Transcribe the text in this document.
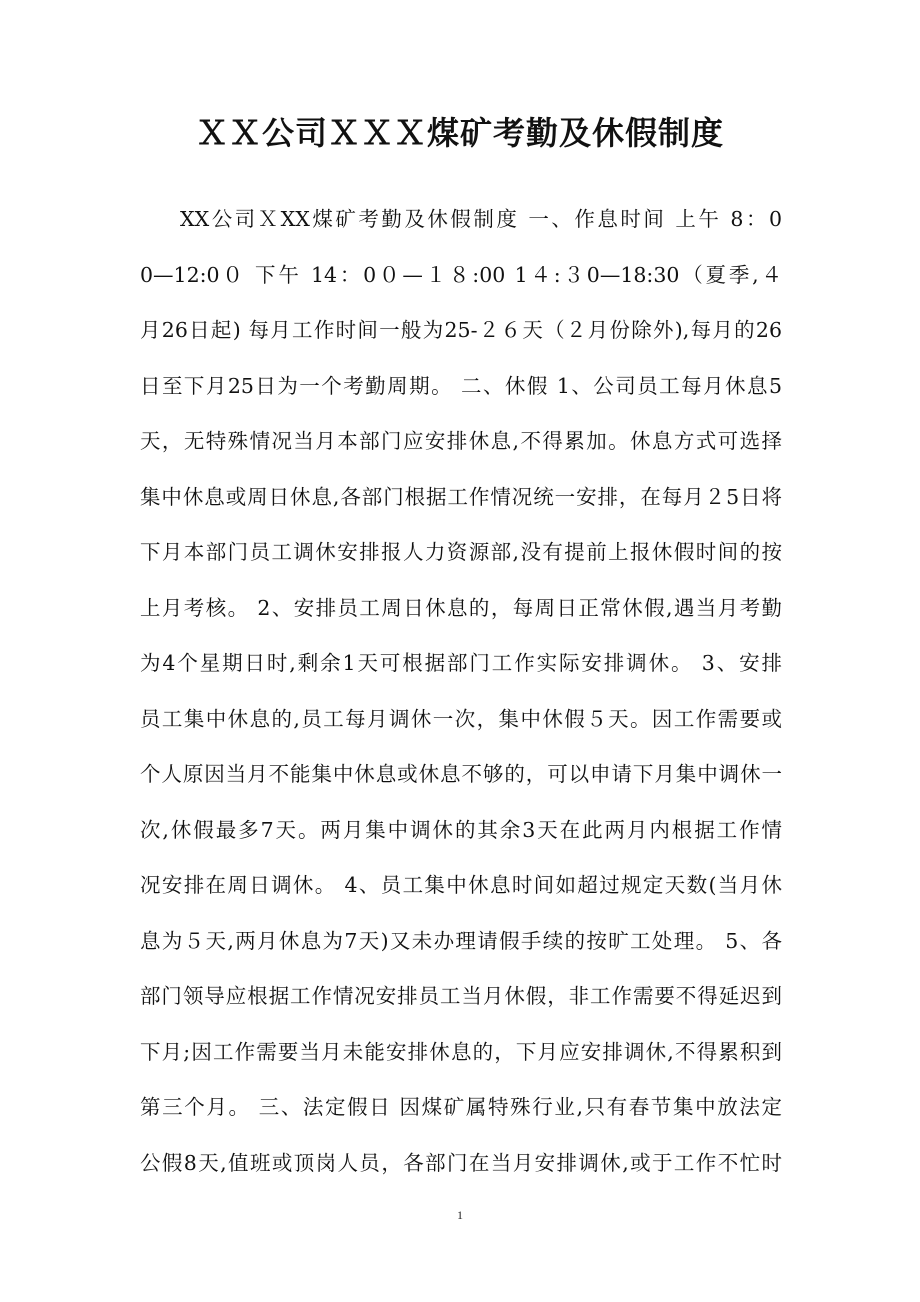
ＸＸ公司ＸＸＸ煤矿考勤及休假制度
XX公司ＸXX煤矿考勤及休假制度 一、作息时间 上午 8：0
0—12:0０ 下午 14：0０—１８:00 1４:３0—18:30（夏季,４
月26日起) 每月工作时间一般为25-２６天（２月份除外),每月的26
日至下月25日为一个考勤周期。 二、休假 1、公司员工每月休息5
天，无特殊情况当月本部门应安排休息,不得累加。休息方式可选择
集中休息或周日休息,各部门根据工作情况统一安排，在每月２5日将
下月本部门员工调休安排报人力资源部,没有提前上报休假时间的按
上月考核。 2、安排员工周日休息的，每周日正常休假,遇当月考勤
为4个星期日时,剩余1天可根据部门工作实际安排调休。 3、安排
员工集中休息的,员工每月调休一次，集中休假５天。因工作需要或
个人原因当月不能集中休息或休息不够的，可以申请下月集中调休一
次,休假最多7天。两月集中调休的其余3天在此两月内根据工作情
况安排在周日调休。 4、员工集中休息时间如超过规定天数(当月休
息为５天,两月休息为7天)又未办理请假手续的按旷工处理。 5、各
部门领导应根据工作情况安排员工当月休假，非工作需要不得延迟到
下月;因工作需要当月未能安排休息的，下月应安排调休,不得累积到
第三个月。 三、法定假日 因煤矿属特殊行业,只有春节集中放法定
公假8天,值班或顶岗人员，各部门在当月安排调休,或于工作不忙时
1
